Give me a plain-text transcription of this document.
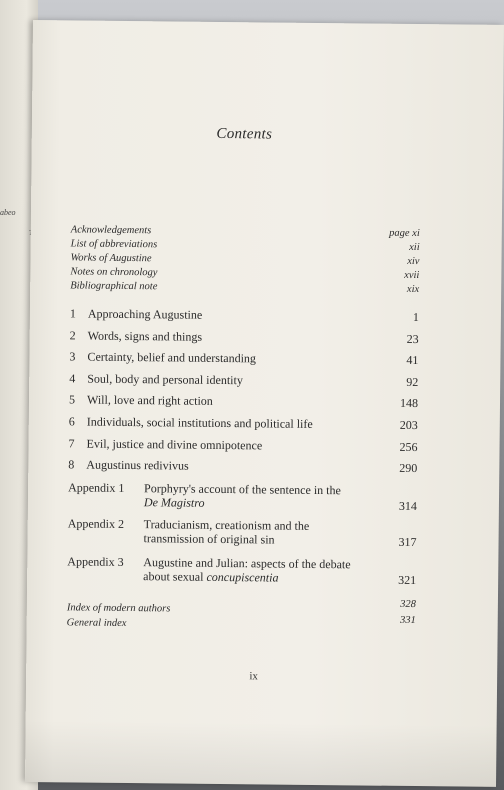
abeo
Contents
Acknowledgements	page xi
List of abbreviations	xii
Works of Augustine	xiv
Notes on chronology	xvii
Bibliographical note	xix
1 Approaching Augustine	1
2 Words, signs and things	23
3 Certainty, belief and understanding	41
4 Soul, body and personal identity	92
5 Will, love and right action	148
6 Individuals, social institutions and political life	203
7 Evil, justice and divine omnipotence	256
8 Augustinus redivivus	290
Appendix 1 Porphyry's account of the sentence in the
De Magistro	314
Appendix 2 Traducianism, creationism and the
transmission of original sin	317
Appendix 3 Augustine and Julian: aspects of the debate
about sexual concupiscentia	321
Index of modern authors	328
General index	331
ix
